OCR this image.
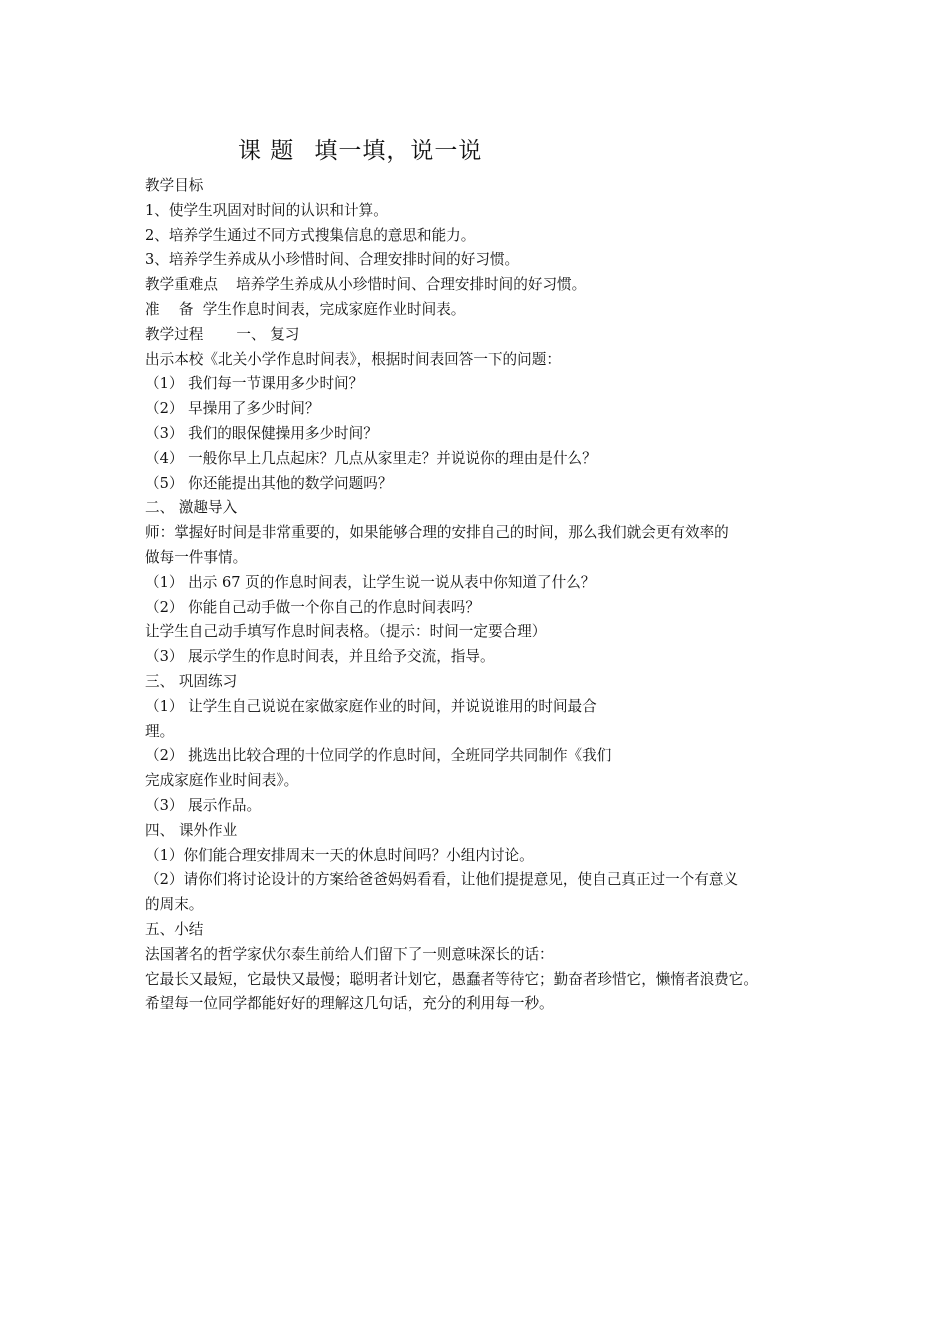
课 题 填一填，说一说
教学目标
1、使学生巩固对时间的认识和计算。
2、培养学生通过不同方式搜集信息的意思和能力。
3、培养学生养成从小珍惜时间、合理安排时间的好习惯。
教学重难点 培养学生养成从小珍惜时间、合理安排时间的好习惯。
准　 备 学生作息时间表，完成家庭作业时间表。
教学过程 一、 复习
出示本校《北关小学作息时间表》，根据时间表回答一下的问题：
（1） 我们每一节课用多少时间？
（2） 早操用了多少时间？
（3） 我们的眼保健操用多少时间？
（4） 一般你早上几点起床？几点从家里走？并说说你的理由是什么？
（5） 你还能提出其他的数学问题吗？
二、 激趣导入
师：掌握好时间是非常重要的，如果能够合理的安排自己的时间，那么我们就会更有效率的
做每一件事情。
（1） 出示 67 页的作息时间表，让学生说一说从表中你知道了什么？
（2） 你能自己动手做一个你自己的作息时间表吗？
让学生自己动手填写作息时间表格。（提示：时间一定要合理）
（3） 展示学生的作息时间表，并且给予交流，指导。
三、 巩固练习
（1） 让学生自己说说在家做家庭作业的时间，并说说谁用的时间最合
理。
（2） 挑选出比较合理的十位同学的作息时间，全班同学共同制作《我们
完成家庭作业时间表》。
（3） 展示作品。
四、 课外作业
（1）你们能合理安排周末一天的休息时间吗？小组内讨论。
（2）请你们将讨论设计的方案给爸爸妈妈看看，让他们提提意见，使自己真正过一个有意义
的周末。
五、小结
法国著名的哲学家伏尔泰生前给人们留下了一则意味深长的话：
它最长又最短，它最快又最慢；聪明者计划它，愚蠢者等待它；勤奋者珍惜它，懒惰者浪费它。
希望每一位同学都能好好的理解这几句话，充分的利用每一秒。
